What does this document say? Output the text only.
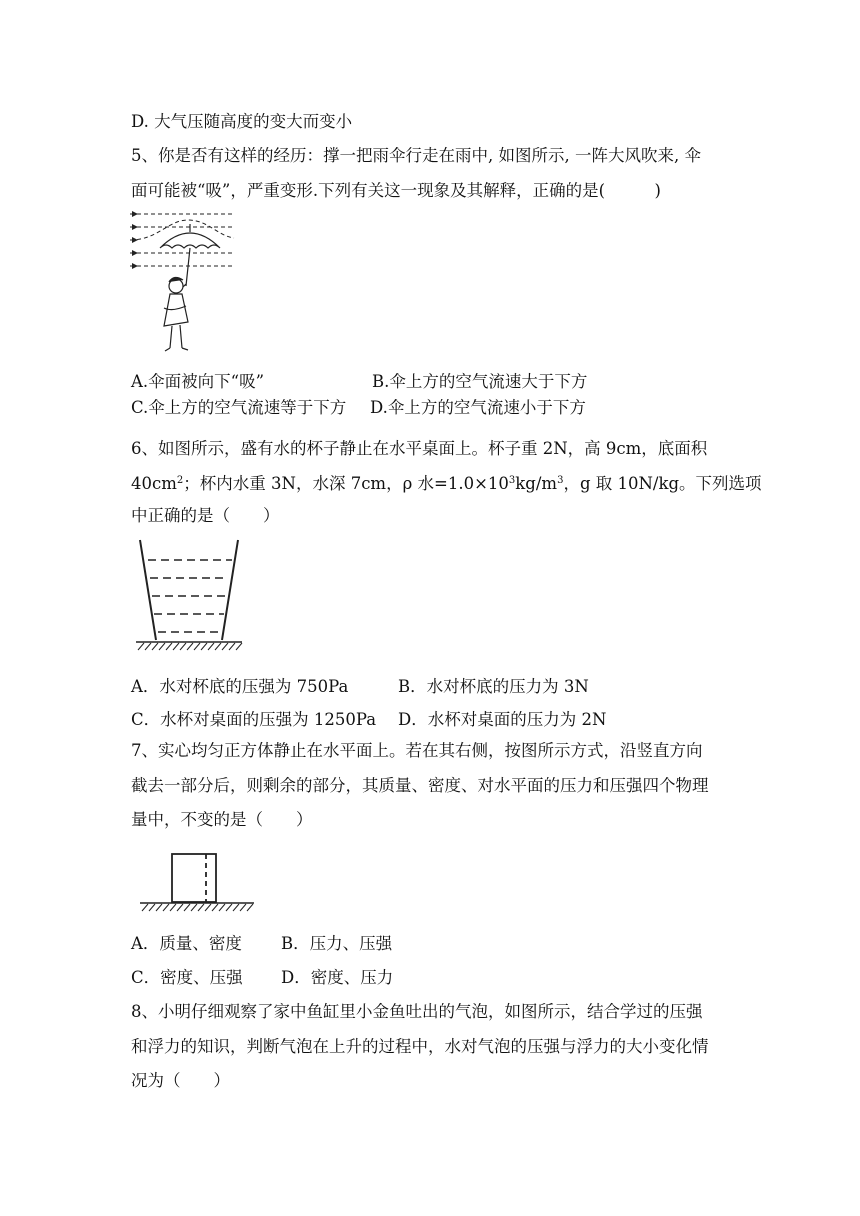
D. 大气压随高度的变大而变小
5、你是否有这样的经历：撑一把雨伞行走在雨中, 如图所示, 一阵大风吹来, 伞
面可能被“吸”，严重变形.下列有关这一现象及其解释，正确的是(　　　)
A.伞面被向下“吸”	B.伞上方的空气流速大于下方
C.伞上方的空气流速等于下方 D.伞上方的空气流速小于下方
6、如图所示，盛有水的杯子静止在水平桌面上。杯子重 2N，高 9cm，底面积
$40cm^2$；杯内水重 3N，水深 7cm，ρ 水$=1.0\times 10^3kg/m^3$，g 取 10N/kg。下列选项
中正确的是（　　）
A．水对杯底的压强为 750Pa	B．水对杯底的压力为 3N
C．水杯对桌面的压强为 1250Pa D．水杯对桌面的压力为 2N
7、实心均匀正方体静止在水平面上。若在其右侧，按图所示方式，沿竖直方向
截去一部分后，则剩余的部分，其质量、密度、对水平面的压力和压强四个物理
量中，不变的是（　　）
A．质量、密度 B．压力、压强
C．密度、压强 D．密度、压力
8、小明仔细观察了家中鱼缸里小金鱼吐出的气泡，如图所示，结合学过的压强
和浮力的知识，判断气泡在上升的过程中，水对气泡的压强与浮力的大小变化情
况为（　　）
